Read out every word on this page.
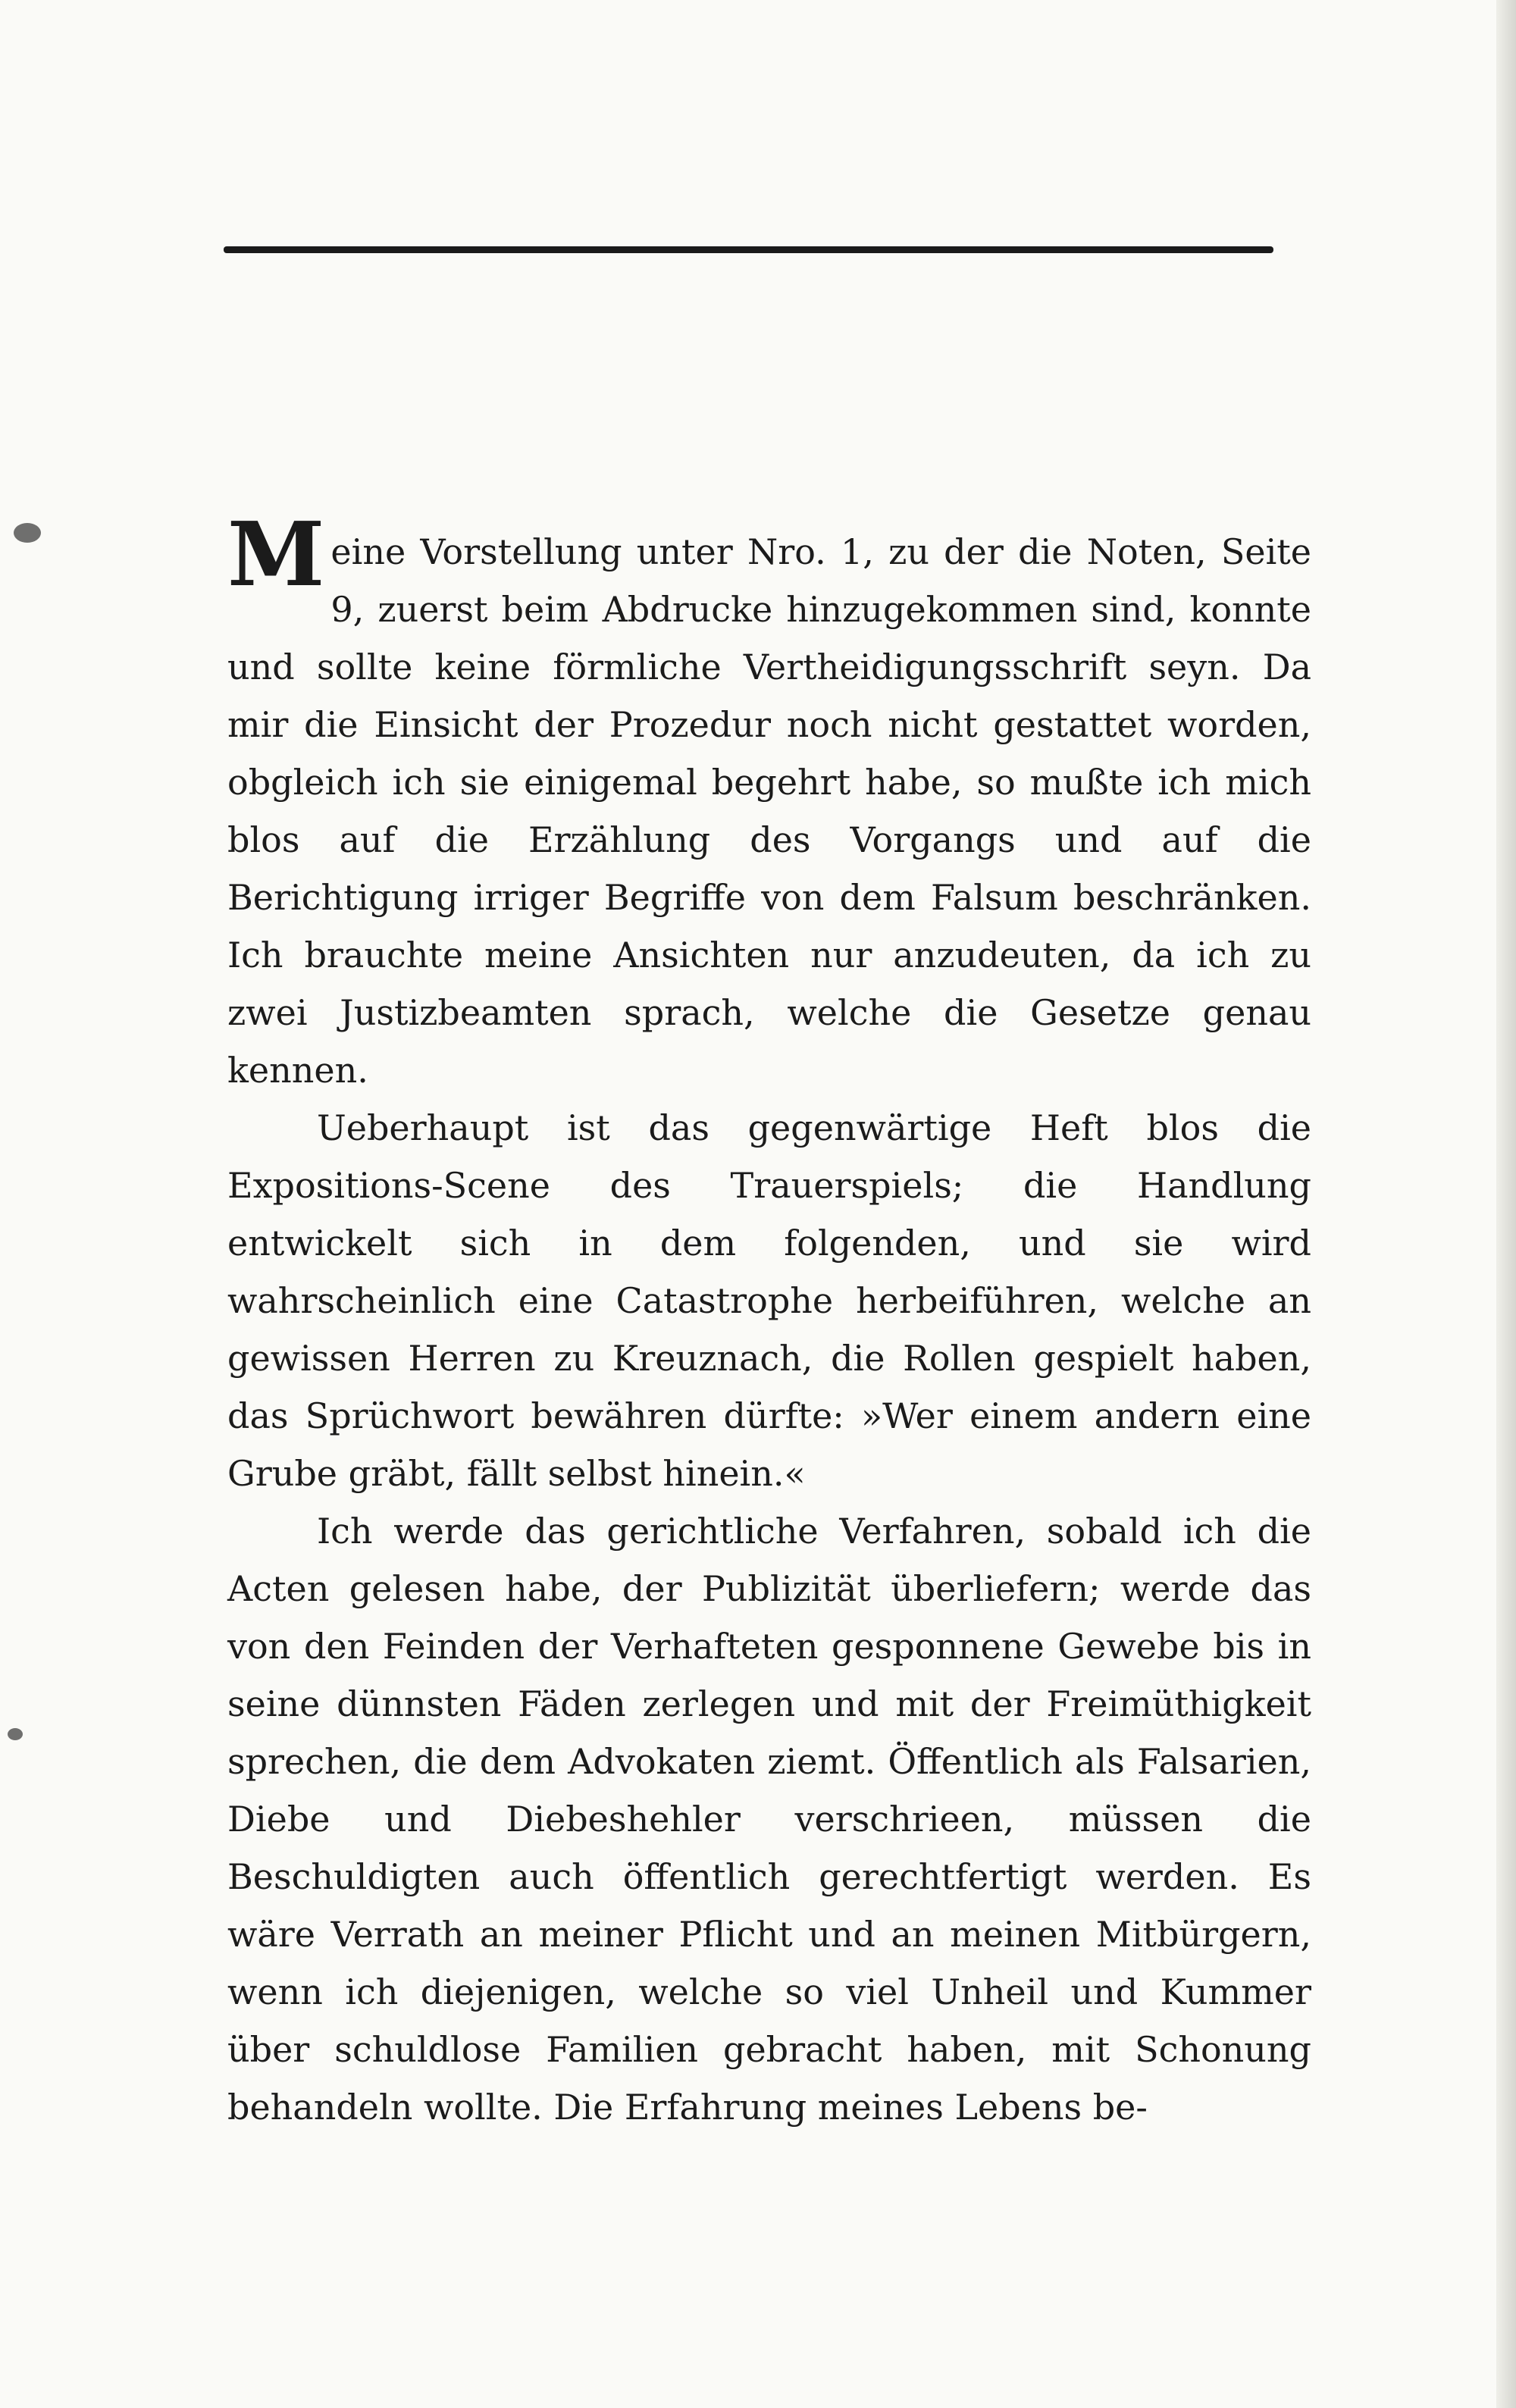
Meine Vorstellung unter Nro. 1, zu der die Noten, Seite 9, zuerst beim Abdrucke hinzugekommen sind, konnte und sollte keine förmliche Vertheidigungsschrift seyn. Da mir die Einsicht der Prozedur noch nicht gestattet worden, obgleich ich sie einigemal begehrt habe, so mußte ich mich blos auf die Erzählung des Vorgangs und auf die Berichtigung irriger Begriffe von dem Falsum beschränken. Ich brauchte meine Ansichten nur anzudeuten, da ich zu zwei Justizbeamten sprach, welche die Gesetze genau kennen.

Ueberhaupt ist das gegenwärtige Heft blos die Expositions-Scene des Trauerspiels; die Handlung entwickelt sich in dem folgenden, und sie wird wahrscheinlich eine Catastrophe herbeiführen, welche an gewissen Herren zu Kreuznach, die Rollen gespielt haben, das Sprüchwort bewähren dürfte: »Wer einem andern eine Grube gräbt, fällt selbst hinein.«

Ich werde das gerichtliche Verfahren, sobald ich die Acten gelesen habe, der Publizität überliefern; werde das von den Feinden der Verhafteten gesponnene Gewebe bis in seine dünnsten Fäden zerlegen und mit der Freimüthigkeit sprechen, die dem Advokaten ziemt. Öffentlich als Falsarien, Diebe und Diebeshehler verschrieen, müssen die Beschuldigten auch öffentlich gerechtfertigt werden. Es wäre Verrath an meiner Pflicht und an meinen Mitbürgern, wenn ich diejenigen, welche so viel Unheil und Kummer über schuldlose Familien gebracht haben, mit Schonung behandeln wollte. Die Erfahrung meines Lebens be-
